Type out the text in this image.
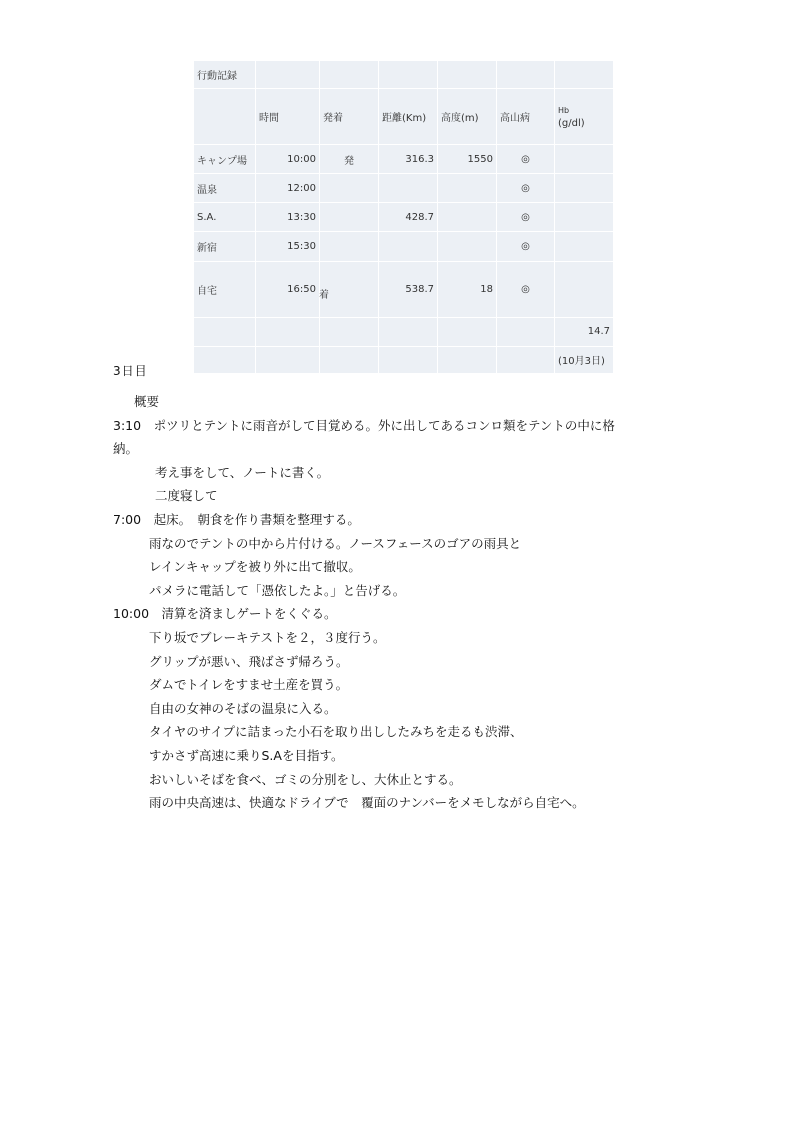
行動記録						
	時間	発着	距離(Km)	高度(m)	高山病	Hb
(g/dl)
キャンプ場	10:00	発	316.3	1550	◎	
温泉	12:00				◎	
S.A.	13:30		428.7		◎	
新宿	15:30				◎	
自宅	16:50	着	538.7	18	◎	
						14.7
						(10月3日)
3日目
概要
3:10　ポツリとテントに雨音がして目覚める。外に出してあるコンロ類をテントの中に格
納。
考え事をして、ノートに書く。
二度寝して
7:00　起床。　朝食を作り書類を整理する。
雨なのでテントの中から片付ける。ノースフェースのゴアの雨具と
レインキャップを被り外に出て撤収。
パメラに電話して「憑依したよ。」と告げる。
10:00　清算を済ましゲートをくぐる。
下り坂でブレーキテストを２，３度行う。
グリップが悪い、飛ばさず帰ろう。
ダムでトイレをすませ土産を買う。
自由の女神のそばの温泉に入る。
タイヤのサイプに詰まった小石を取り出ししたみちを走るも渋滞、
すかさず高速に乗りS.Aを目指す。
おいしいそばを食べ、ゴミの分別をし、大休止とする。
雨の中央高速は、快適なドライブで　覆面のナンバーをメモしながら自宅へ。
